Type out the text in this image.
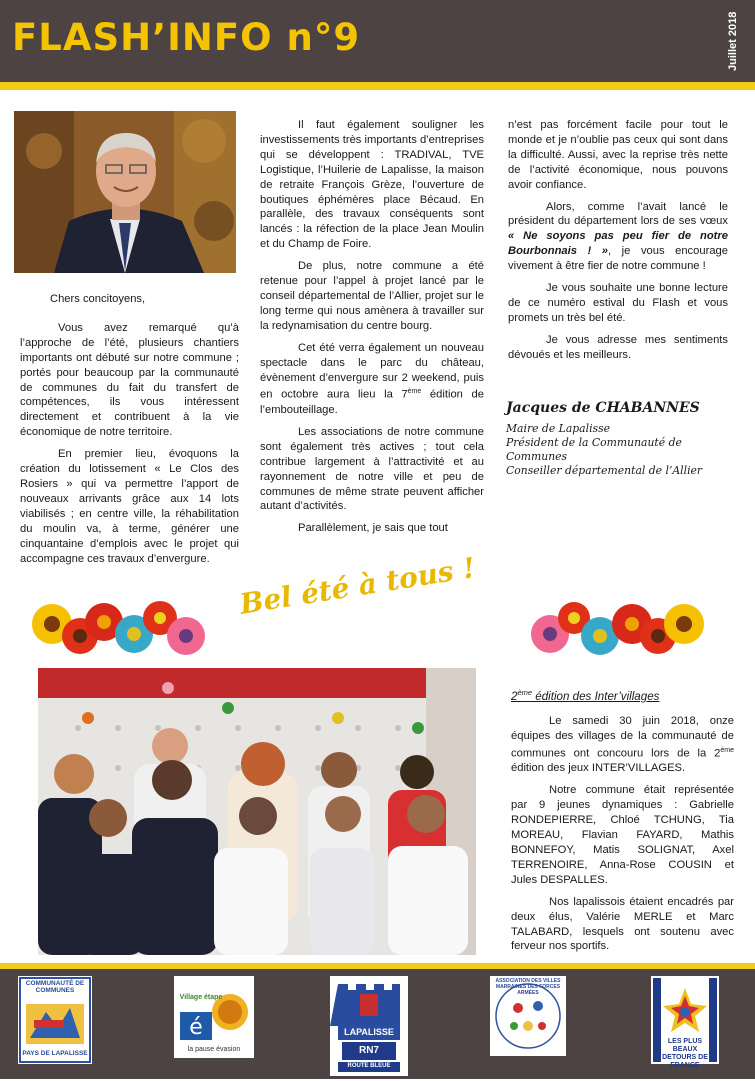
FLASH’INFO n°9	Juillet 2018

Chers concitoyens,

Vous avez remarqué qu’à l’approche de l’été, plusieurs chantiers importants ont débuté sur notre commune ; portés pour beaucoup par la communauté de communes du fait du transfert de compétences, ils vous intéressent directement et contribuent à la vie économique de notre territoire.

En premier lieu, évoquons la création du lotissement « Le Clos des Rosiers » qui va permettre l’apport de nouveaux arrivants grâce aux 14 lots viabilisés ; en centre ville, la réhabilitation du moulin va, à terme, générer une cinquantaine d’emplois avec le projet qui accompagne ces travaux d’envergure.

Il faut également souligner les investissements très importants d’entreprises qui se développent : TRADIVAL, TVE Logistique, l’Huilerie de Lapalisse, la maison de retraite François Grèze, l’ouverture de boutiques éphémères place Bécaud. En parallèle, des travaux conséquents sont lancés : la réfection de la place Jean Moulin et du Champ de Foire.

De plus, notre commune a été retenue pour l’appel à projet lancé par le conseil départemental de l’Allier, projet sur le long terme qui nous amènera à travailler sur la redynamisation du centre bourg.

Cet été verra également un nouveau spectacle dans le parc du château, évènement d’envergure sur 2 weekend, puis en octobre aura lieu la 7ème édition de l’embouteillage.

Les associations de notre commune sont également très actives ; tout cela contribue largement à l’attractivité et au rayonnement de notre ville et peu de communes de même strate peuvent afficher autant d’activités.

Parallèlement, je sais que tout

n’est pas forcément facile pour tout le monde et je n’oublie pas ceux qui sont dans la difficulté. Aussi, avec la reprise très nette de l’activité économique, nous pouvons avoir confiance.

Alors, comme l’avait lancé le président du département lors de ses vœux « Ne soyons pas peu fier de notre Bourbonnais ! », je vous encourage vivement à être fier de notre commune !

Je vous souhaite une bonne lecture de ce numéro estival du Flash et vous promets un très bel été.

Je vous adresse mes sentiments dévoués et les meilleurs.

Jacques de CHABANNES
Maire de Lapalisse
Président de la Communauté de Communes
Conseiller départemental de l’Allier
Bel été à tous !
2ème édition des Inter’villages

Le samedi 30 juin 2018, onze équipes des villages de la communauté de communes ont concouru lors de la 2ème édition des jeux INTER’VILLAGES.

Notre commune était représentée par 9 jeunes dynamiques : Gabrielle RONDEPIERRE, Chloé TCHUNG, Tia MOREAU, Flavian FAYARD, Mathis BONNEFOY, Matis SOLIGNAT, Axel TERRENOIRE, Anna-Rose COUSIN et Jules DESPALLES.

Nos lapalissois étaient encadrés par deux élus, Valérie MERLE et Marc TALABARD, lesquels ont soutenu avec ferveur nos sportifs.

COMMUNAUTÉ DE COMMUNES
PAYS DE LAPALISSE
é
Village étape
la pause évasion
LAPALISSE
RN7
ROUTE BLEUE
ASSOCIATION DES VILLES MARRAINES DES FORCES ARMÉES
LES PLUS BEAUX DETOURS DE FRANCE
